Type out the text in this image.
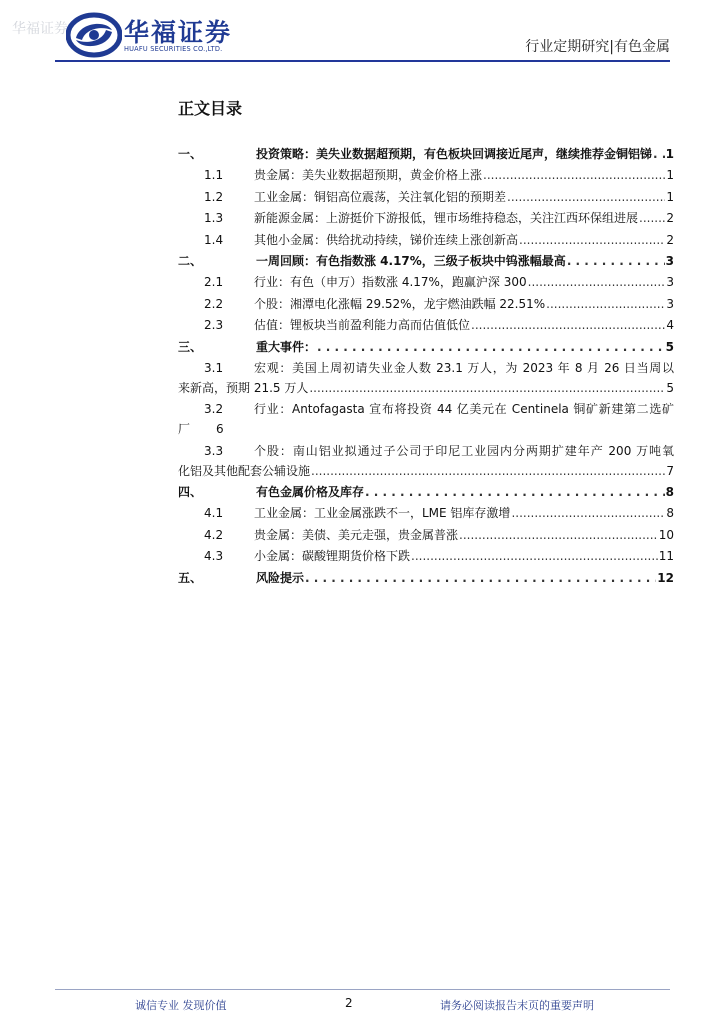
华福证券 华福证券
HUAFU SECURITIES CO.,LTD.	行业定期研究|有色金属
正文目录
一、	投资策略：美失业数据超预期，有色板块回调接近尾声，继续推荐金铜铝锑 . . . 1
1.1	贵金属：美失业数据超预期，黄金价格上涨 .....	1
1.2	工业金属：铜铝高位震荡，关注氧化铝的预期差 .....	1
1.3	新能源金属：上游挺价下游报低，锂市场维持稳态，关注江西环保组进展 ..... 2
1.4	其他小金属：供给扰动持续，锑价连续上涨创新高 .....	2
二、	一周回顾：有色指数涨 4.17%，三级子板块中钨涨幅最高 . . .	3
2.1	行业：有色（申万）指数涨 4.17%，跑赢沪深 300 .....	3
2.2	个股：湘潭电化涨幅 29.52%，龙宇燃油跌幅 22.51% .....	3
2.3	估值：锂板块当前盈利能力高而估值低位 .....	4
三、	重大事件： . . .	5
3.1	宏观：美国上周初请失业金人数 23.1 万人，为 2023 年 8 月 26 日当周以
来新高，预期 21.5 万人 .....	5
3.2	行业：Antofagasta 宣布将投资 44 亿美元在 Centinela 铜矿新建第二选矿
厂 6
3.3	个股：南山铝业拟通过子公司于印尼工业园内分两期扩建年产 200 万吨氧
化铝及其他配套公辅设施 .....	7
四、	有色金属价格及库存 . . .	8
4.1	工业金属：工业金属涨跌不一，LME 铝库存激增 .....	8
4.2	贵金属：美债、美元走强，贵金属普涨 .....	10
4.3	小金属：碳酸锂期货价格下跌 .....	11
五、	风险提示 . . .	12
诚信专业 发现价值	2	请务必阅读报告末页的重要声明
